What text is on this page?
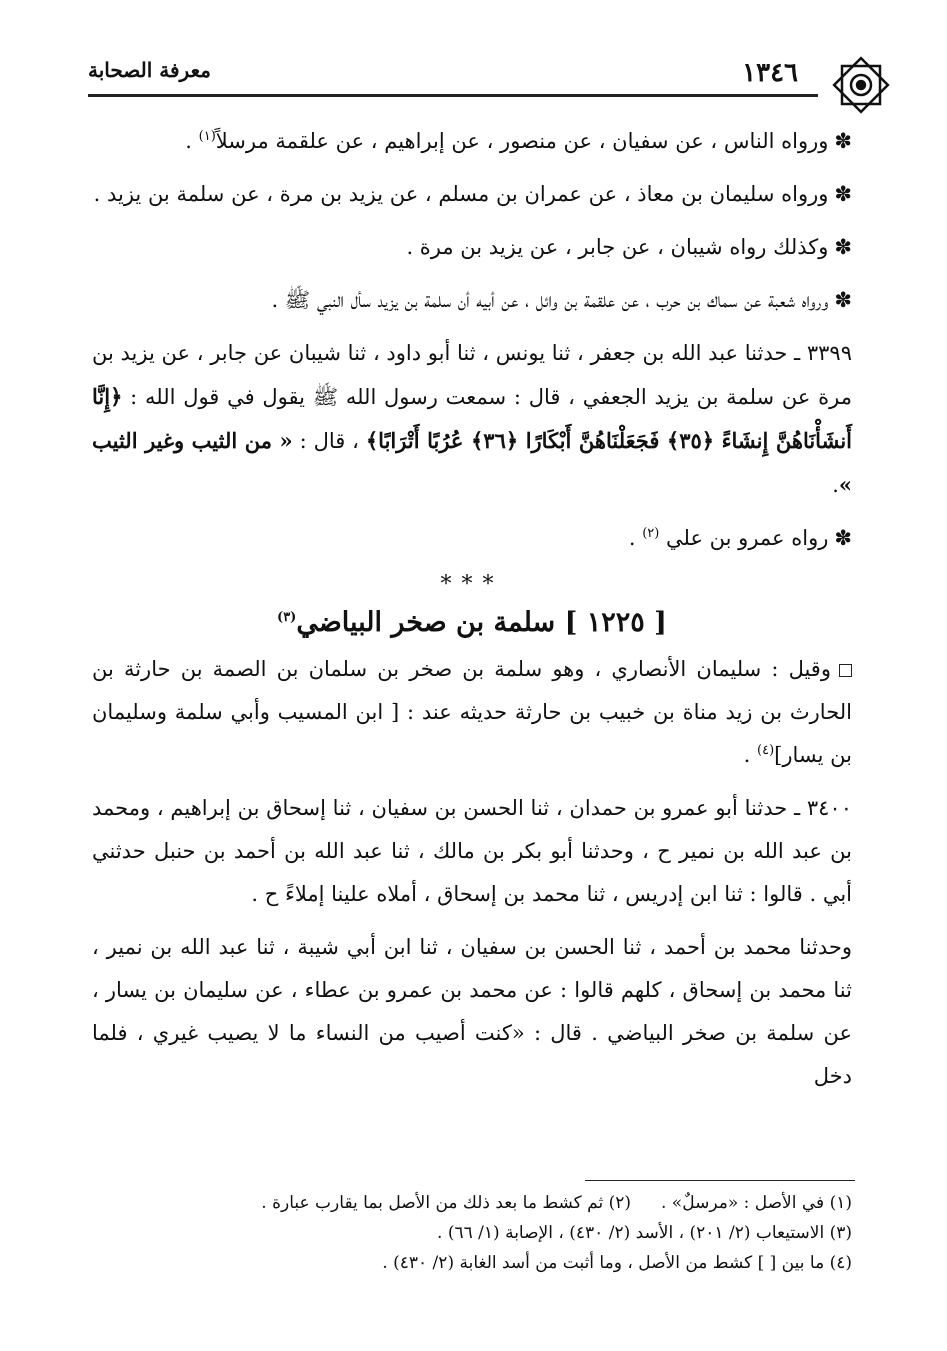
١٣٤٦
معرفة الصحابة

✽ورواه الناس ، عن سفيان ، عن منصور ، عن إبراهيم ، عن علقمة مرسلاً$^{(١)}$ .

✽ورواه سليمان بن معاذ ، عن عمران بن مسلم ، عن يزيد بن مرة ، عن سلمة بن يزيد .

✽وكذلك رواه شيبان ، عن جابر ، عن يزيد بن مرة .

✽ورواه شعبة عن سماك بن حرب ، عن علقمة بن وائل ، عن أبيه أن سلمة بن يزيد سأل النبي ﷺ .

٣٣٩٩ ـ حدثنا عبد الله بن جعفر ، ثنا يونس ، ثنا أبو داود ، ثنا شيبان عن جابر ، عن يزيد بن مرة عن سلمة بن يزيد الجعفي ، قال : سمعت رسول الله ﷺ يقول في قول الله : ﴿إِنَّا أَنشَأْنَاهُنَّ إِنشَاءً ﴿٣٥﴾ فَجَعَلْنَاهُنَّ أَبْكَارًا ﴿٣٦﴾ عُرُبًا أَتْرَابًا﴾ ، قال : « من الثيب وغير الثيب ».

✽رواه عمرو بن علي $^{(٢)}$ .

***
[ ١٢٢٥ ] سلمة بن صخر البياضي$^{(٣)}$

وقيل : سليمان الأنصاري ، وهو سلمة بن صخر بن سلمان بن الصمة بن حارثة بن الحارث بن زيد مناة بن خبيب بن حارثة حديثه عند : [ ابن المسيب وأبي سلمة وسليمان بن يسار]$^{(٤)}$ .

٣٤٠٠ ـ حدثنا أبو عمرو بن حمدان ، ثنا الحسن بن سفيان ، ثنا إسحاق بن إبراهيم ، ومحمد بن عبد الله بن نمير ح ، وحدثنا أبو بكر بن مالك ، ثنا عبد الله بن أحمد بن حنبل حدثني أبي . قالوا : ثنا ابن إدريس ، ثنا محمد بن إسحاق ، أملاه علينا إملاءً ح .

وحدثنا محمد بن أحمد ، ثنا الحسن بن سفيان ، ثنا ابن أبي شيبة ، ثنا عبد الله بن نمير ، ثنا محمد بن إسحاق ، كلهم قالوا : عن محمد بن عمرو بن عطاء ، عن سليمان بن يسار ، عن سلمة بن صخر البياضي . قال : «كنت أصيب من النساء ما لا يصيب غيري ، فلما دخل

(١) في الأصل : «مرسلٌ» .
(٢) ثم كشط ما بعد ذلك من الأصل بما يقارب عبارة .
(٣) الاستيعاب (٢/ ٢٠١) ، الأسد (٢/ ٤٣٠) ، الإصابة (١/ ٦٦) .
(٤) ما بين [ ] كشط من الأصل ، وما أثبت من أسد الغابة (٢/ ٤٣٠) .
